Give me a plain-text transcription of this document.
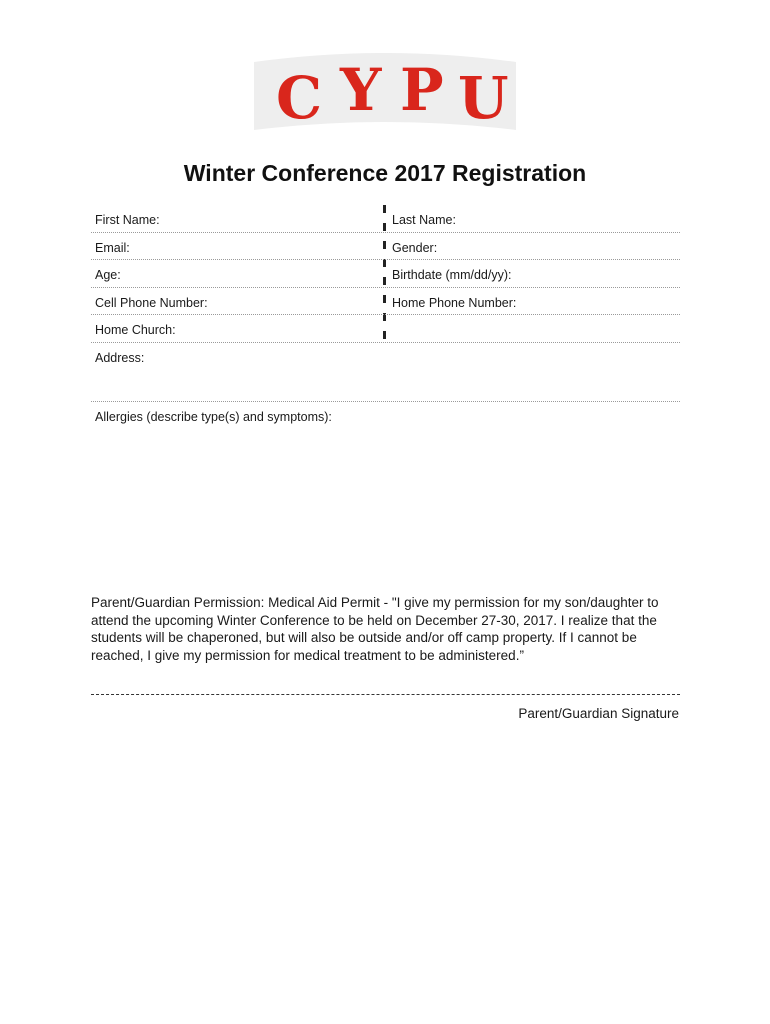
C Y P U
Winter Conference 2017 Registration
First Name:	Last Name:
Email:	Gender:
Age:	Birthdate (mm/dd/yy):
Cell Phone Number:	Home Phone Number:
Home Church:
Address:
Allergies (describe type(s) and symptoms):
Parent/Guardian Permission: Medical Aid Permit - "I give my permission for my son/daughter to
attend the upcoming Winter Conference to be held on December 27-30, 2017. I realize that the
students will be chaperoned, but will also be outside and/or off camp property. If I cannot be
reached, I give my permission for medical treatment to be administered.”
Parent/Guardian Signature
